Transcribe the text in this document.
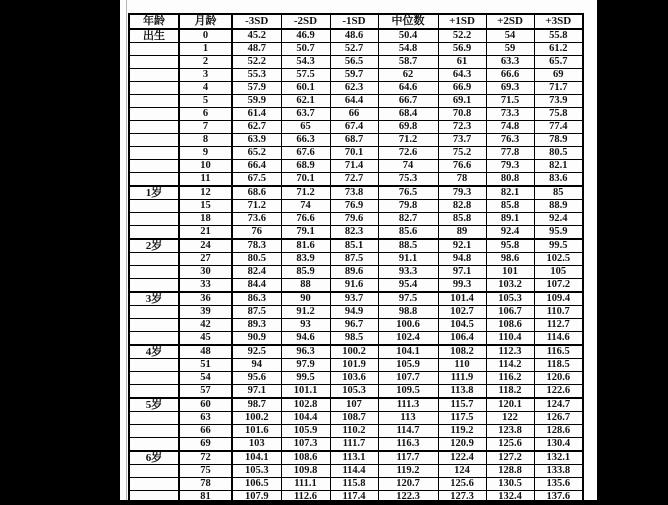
年龄	月龄	-3SD	-2SD	-1SD	中位数	+1SD	+2SD	+3SD
出生	0	45.2	46.9	48.6	50.4	52.2	54	55.8
	1	48.7	50.7	52.7	54.8	56.9	59	61.2
	2	52.2	54.3	56.5	58.7	61	63.3	65.7
	3	55.3	57.5	59.7	62	64.3	66.6	69
	4	57.9	60.1	62.3	64.6	66.9	69.3	71.7
	5	59.9	62.1	64.4	66.7	69.1	71.5	73.9
	6	61.4	63.7	66	68.4	70.8	73.3	75.8
	7	62.7	65	67.4	69.8	72.3	74.8	77.4
	8	63.9	66.3	68.7	71.2	73.7	76.3	78.9
	9	65.2	67.6	70.1	72.6	75.2	77.8	80.5
	10	66.4	68.9	71.4	74	76.6	79.3	82.1
	11	67.5	70.1	72.7	75.3	78	80.8	83.6
1岁	12	68.6	71.2	73.8	76.5	79.3	82.1	85
	15	71.2	74	76.9	79.8	82.8	85.8	88.9
	18	73.6	76.6	79.6	82.7	85.8	89.1	92.4
	21	76	79.1	82.3	85.6	89	92.4	95.9
2岁	24	78.3	81.6	85.1	88.5	92.1	95.8	99.5
	27	80.5	83.9	87.5	91.1	94.8	98.6	102.5
	30	82.4	85.9	89.6	93.3	97.1	101	105
	33	84.4	88	91.6	95.4	99.3	103.2	107.2
3岁	36	86.3	90	93.7	97.5	101.4	105.3	109.4
	39	87.5	91.2	94.9	98.8	102.7	106.7	110.7
	42	89.3	93	96.7	100.6	104.5	108.6	112.7
	45	90.9	94.6	98.5	102.4	106.4	110.4	114.6
4岁	48	92.5	96.3	100.2	104.1	108.2	112.3	116.5
	51	94	97.9	101.9	105.9	110	114.2	118.5
	54	95.6	99.5	103.6	107.7	111.9	116.2	120.6
	57	97.1	101.1	105.3	109.5	113.8	118.2	122.6
5岁	60	98.7	102.8	107	111.3	115.7	120.1	124.7
	63	100.2	104.4	108.7	113	117.5	122	126.7
	66	101.6	105.9	110.2	114.7	119.2	123.8	128.6
	69	103	107.3	111.7	116.3	120.9	125.6	130.4
6岁	72	104.1	108.6	113.1	117.7	122.4	127.2	132.1
	75	105.3	109.8	114.4	119.2	124	128.8	133.8
	78	106.5	111.1	115.8	120.7	125.6	130.5	135.6
	81	107.9	112.6	117.4	122.3	127.3	132.4	137.6
